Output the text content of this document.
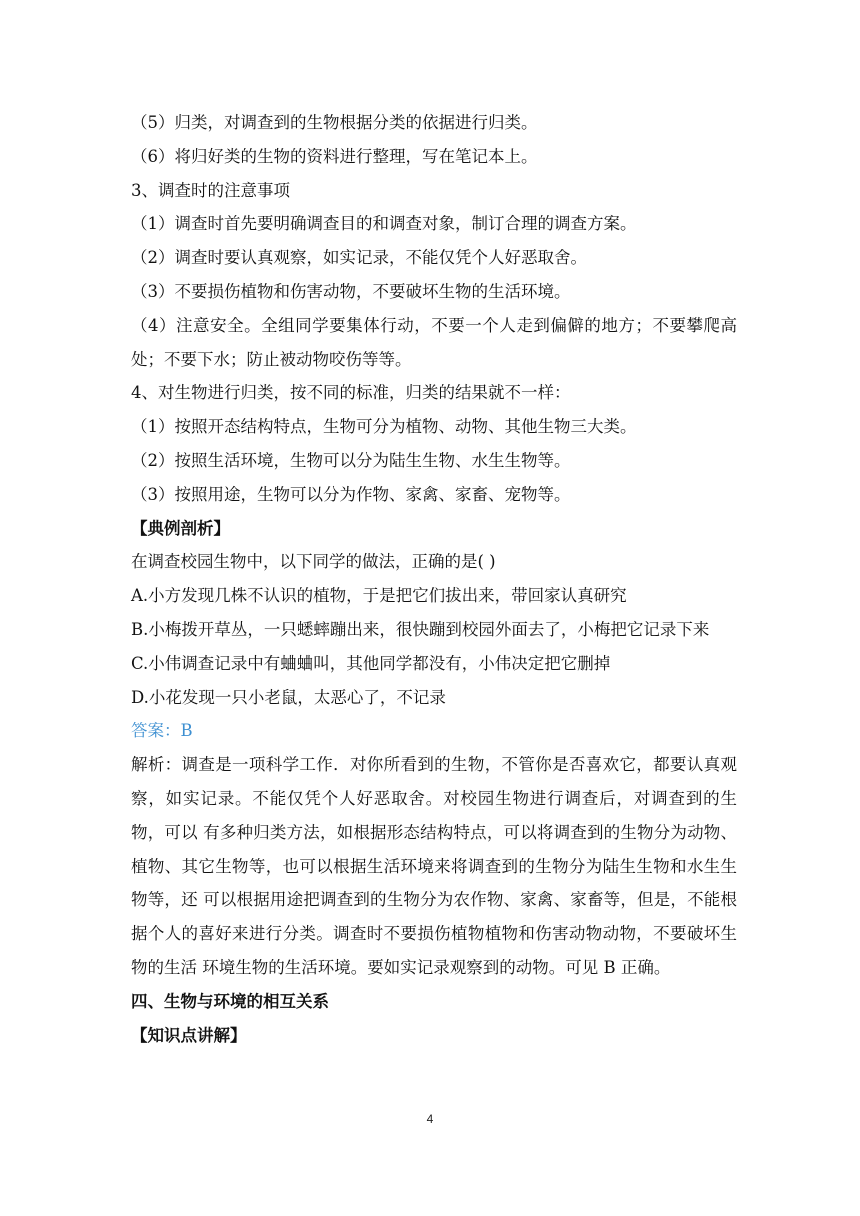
（5）归类，对调查到的生物根据分类的依据进行归类。
（6）将归好类的生物的资料进行整理，写在笔记本上。
3、调查时的注意事项
（1）调查时首先要明确调查目的和调查对象，制订合理的调查方案。
（2）调查时要认真观察，如实记录，不能仅凭个人好恶取舍。
（3）不要损伤植物和伤害动物，不要破坏生物的生活环境。
（4）注意安全。全组同学要集体行动，不要一个人走到偏僻的地方；不要攀爬高处；不要下水；防止被动物咬伤等等。
4、对生物进行归类，按不同的标准，归类的结果就不一样：
（1）按照开态结构特点，生物可分为植物、动物、其他生物三大类。
（2）按照生活环境，生物可以分为陆生生物、水生生物等。
（3）按照用途，生物可以分为作物、家禽、家畜、宠物等。
【典例剖析】
在调查校园生物中，以下同学的做法，正确的是( )
A.小方发现几株不认识的植物，于是把它们拔出来，带回家认真研究
B.小梅拨开草丛，一只蟋蟀蹦出来，很快蹦到校园外面去了，小梅把它记录下来
C.小伟调查记录中有蛐蛐叫，其他同学都没有，小伟决定把它删掉
D.小花发现一只小老鼠，太恶心了，不记录
答案：B
解析：调查是一项科学工作．对你所看到的生物，不管你是否喜欢它，都要认真观察，如实记录。不能仅凭个人好恶取舍。对校园生物进行调查后，对调查到的生物，可以 有多种归类方法，如根据形态结构特点，可以将调查到的生物分为动物、植物、其它生物等，也可以根据生活环境来将调查到的生物分为陆生生物和水生生物等，还 可以根据用途把调查到的生物分为农作物、家禽、家畜等，但是，不能根据个人的喜好来进行分类。调查时不要损伤植物植物和伤害动物动物，不要破坏生物的生活 环境生物的生活环境。要如实记录观察到的动物。可见 B 正确。
四、生物与环境的相互关系
【知识点讲解】
4
